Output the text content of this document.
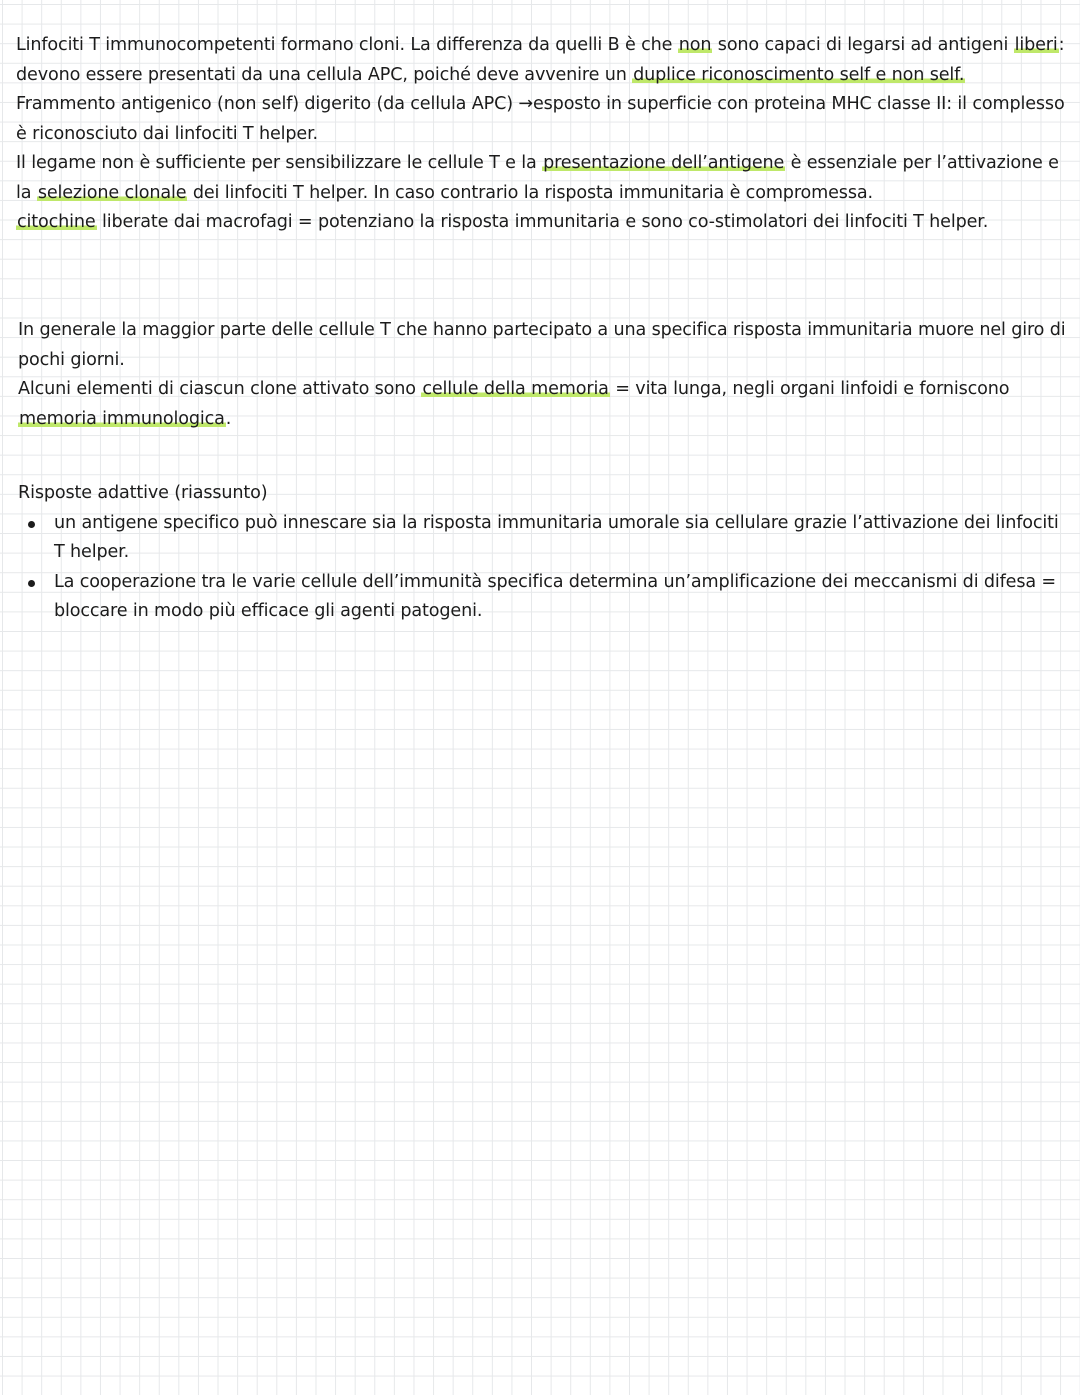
Linfociti T immunocompetenti formano cloni. La differenza da quelli B è che non sono capaci di legarsi ad antigeni liberi: devono essere presentati da una cellula APC, poiché deve avvenire un duplice riconoscimento self e non self.

Frammento antigenico (non self) digerito (da cellula APC) →esposto in superficie con proteina MHC classe II: il complesso è riconosciuto dai linfociti T helper.

Il legame non è sufficiente per sensibilizzare le cellule T e la presentazione dell’antigene è essenziale per l’attivazione e la selezione clonale dei linfociti T helper. In caso contrario la risposta immunitaria è compromessa.

citochine liberate dai macrofagi = potenziano la risposta immunitaria e sono co-stimolatori dei linfociti T helper.

In generale la maggior parte delle cellule T che hanno partecipato a una specifica risposta immunitaria muore nel giro di pochi giorni.

Alcuni elementi di ciascun clone attivato sono cellule della memoria = vita lunga, negli organi linfoidi e forniscono memoria immunologica.

Risposte adattive (riassunto)

un antigene specifico può innescare sia la risposta immunitaria umorale sia cellulare grazie l’attivazione dei linfociti T helper.
La cooperazione tra le varie cellule dell’immunità specifica determina un’amplificazione dei meccanismi di difesa = bloccare in modo più efficace gli agenti patogeni.
